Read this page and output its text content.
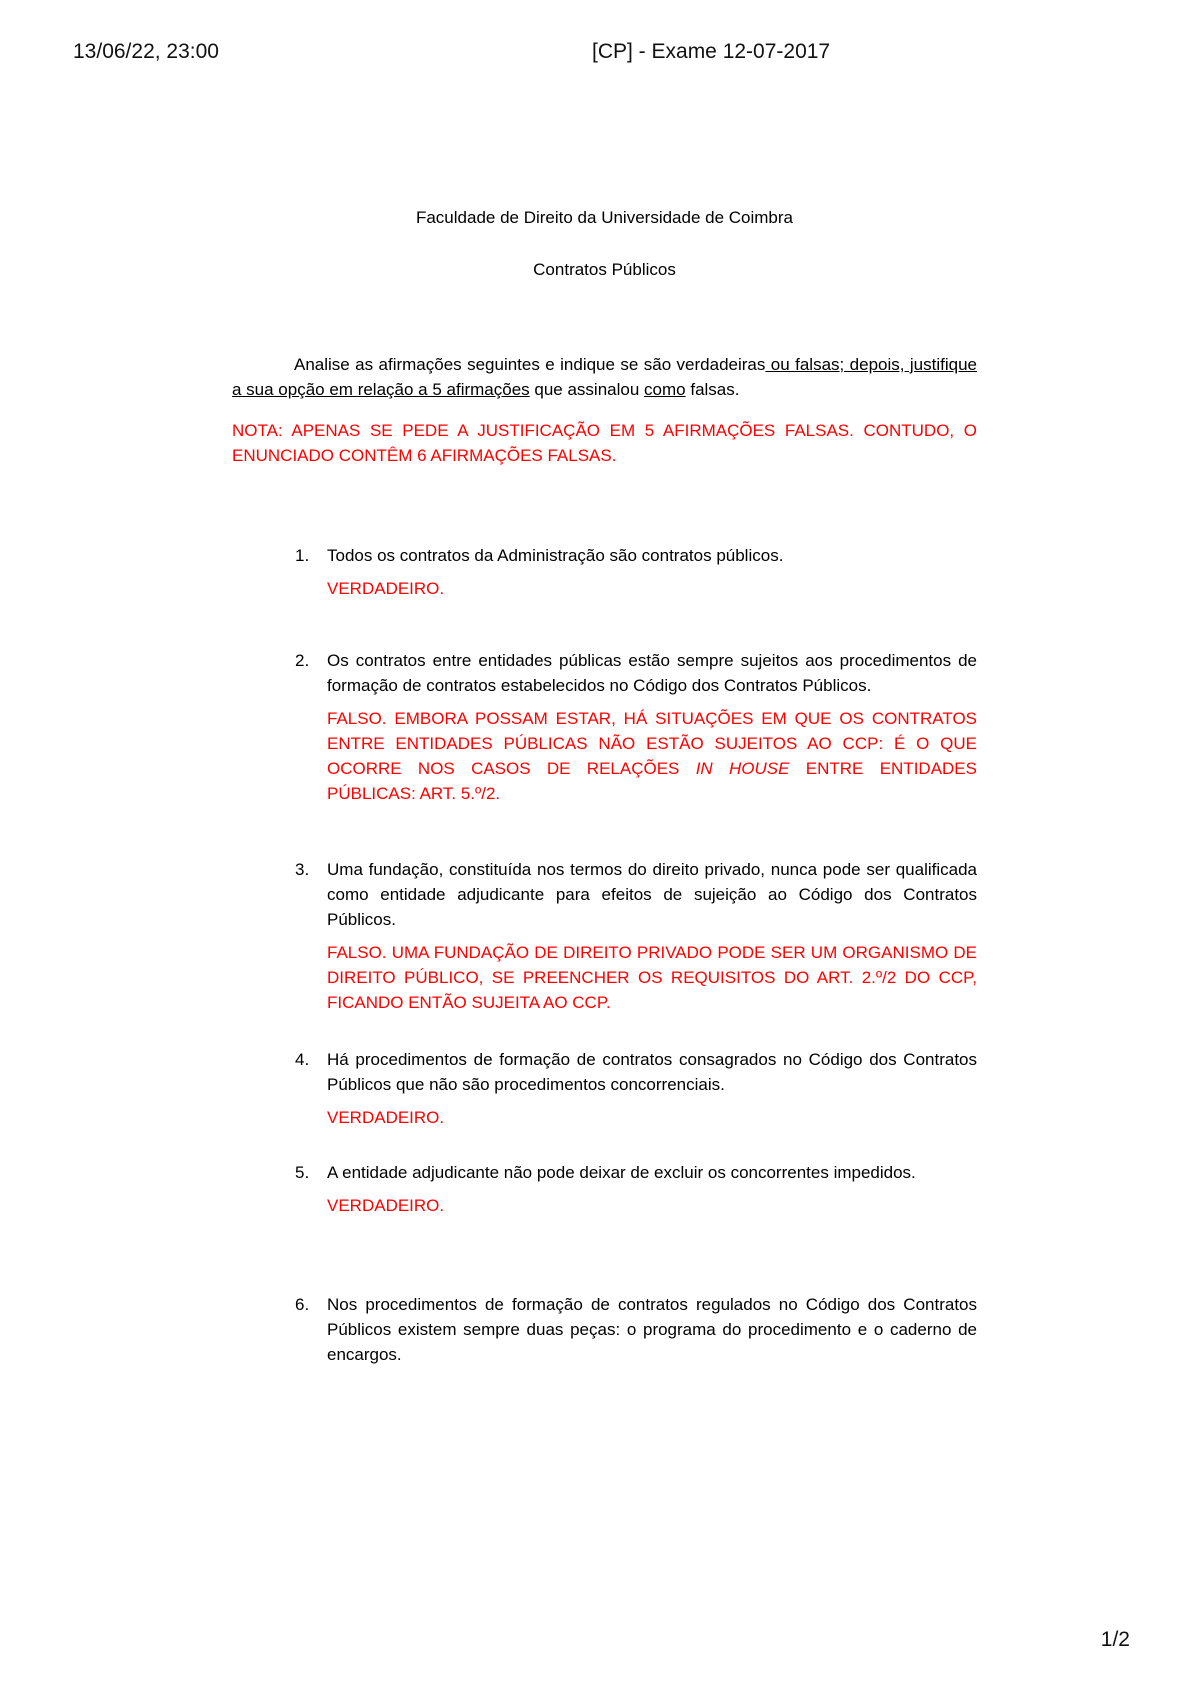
13/06/22, 23:00	[CP] - Exame 12-07-2017

Faculdade de Direito da Universidade de Coimbra

Contratos Públicos

Analise as afirmações seguintes e indique se são verdadeiras ou falsas; depois, justifique a sua opção em relação a 5 afirmações que assinalou como falsas.

NOTA: APENAS SE PEDE A JUSTIFICAÇÃO EM 5 AFIRMAÇÕES FALSAS. CONTUDO, O ENUNCIADO CONTÊM 6 AFIRMAÇÕES FALSAS.

1. Todos os contratos da Administração são contratos públicos.

VERDADEIRO.

2. Os contratos entre entidades públicas estão sempre sujeitos aos procedimentos de formação de contratos estabelecidos no Código dos Contratos Públicos.

FALSO. EMBORA POSSAM ESTAR, HÁ SITUAÇÕES EM QUE OS CONTRATOS ENTRE ENTIDADES PÚBLICAS NÃO ESTÃO SUJEITOS AO CCP: É O QUE OCORRE NOS CASOS DE RELAÇÕES IN HOUSE ENTRE ENTIDADES PÚBLICAS: ART. 5.º/2.

3. Uma fundação, constituída nos termos do direito privado, nunca pode ser qualificada como entidade adjudicante para efeitos de sujeição ao Código dos Contratos Públicos.

FALSO. UMA FUNDAÇÃO DE DIREITO PRIVADO PODE SER UM ORGANISMO DE DIREITO PÚBLICO, SE PREENCHER OS REQUISITOS DO ART. 2.º/2 DO CCP, FICANDO ENTÃO SUJEITA AO CCP.

4. Há procedimentos de formação de contratos consagrados no Código dos Contratos Públicos que não são procedimentos concorrenciais.

VERDADEIRO.

5. A entidade adjudicante não pode deixar de excluir os concorrentes impedidos.

VERDADEIRO.

6. Nos procedimentos de formação de contratos regulados no Código dos Contratos Públicos existem sempre duas peças: o programa do procedimento e o caderno de encargos.

1/2
